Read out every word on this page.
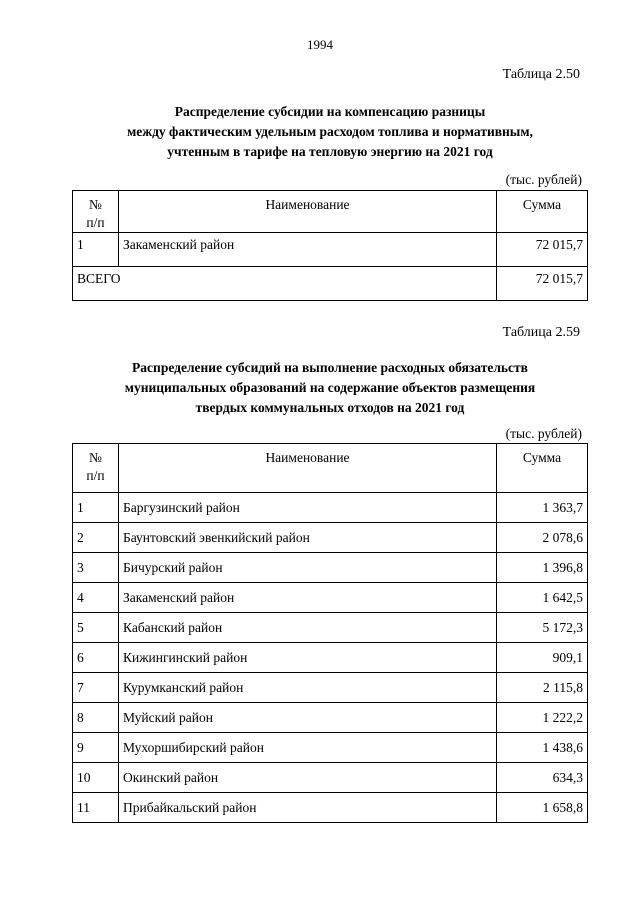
1994
Таблица 2.50
Распределение субсидии на компенсацию разницы
между фактическим удельным расходом топлива и нормативным,
учтенным в тарифе на тепловую энергию на 2021 год
(тыс. рублей)
№
п/п	Наименование	Сумма
1	Закаменский район	72 015,7
ВСЕГО		72 015,7
Таблица 2.59
Распределение субсидий на выполнение расходных обязательств
муниципальных образований на содержание объектов размещения
твердых коммунальных отходов на 2021 год
(тыс. рублей)
№
п/п	Наименование	Сумма
1	Баргузинский район	1 363,7
2	Баунтовский эвенкийский район	2 078,6
3	Бичурский район	1 396,8
4	Закаменский район	1 642,5
5	Кабанский район	5 172,3
6	Кижингинский район	909,1
7	Курумканский район	2 115,8
8	Муйский район	1 222,2
9	Мухоршибирский район	1 438,6
10	Окинский район	634,3
11	Прибайкальский район	1 658,8
